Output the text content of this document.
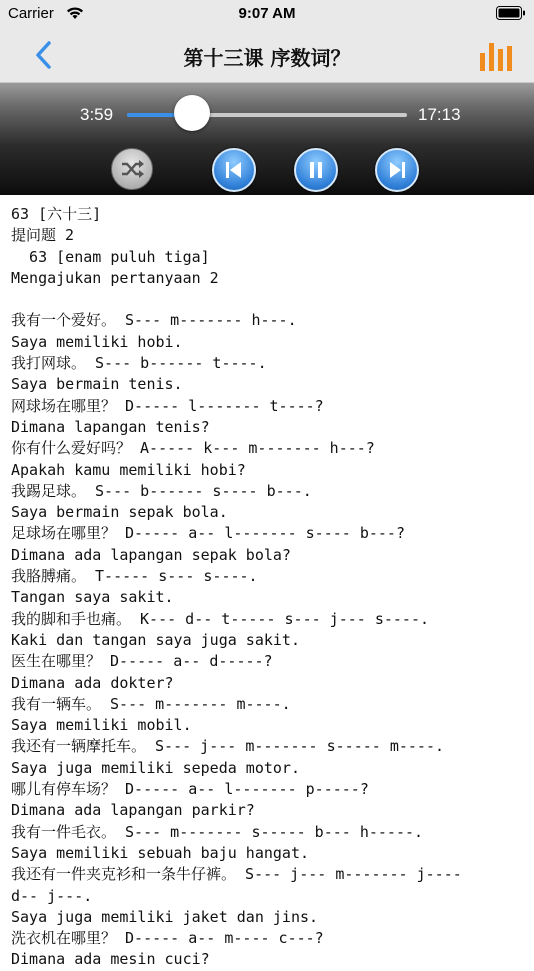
Carrier	9:07 AM
第十三课 序数词？
3:59	17:13
63 [六十三]
提问题 2
63 [enam puluh tiga]
Mengajukan pertanyaan 2
我有一个爱好。 S--- m------- h---.
Saya memiliki hobi.
我打网球。 S--- b------ t----.
Saya bermain tenis.
网球场在哪里？ D----- l------- t----?
Dimana lapangan tenis?
你有什么爱好吗？ A----- k--- m------- h---?
Apakah kamu memiliki hobi?
我踢足球。 S--- b------ s---- b---.
Saya bermain sepak bola.
足球场在哪里？ D----- a-- l------- s---- b---?
Dimana ada lapangan sepak bola?
我胳膊痛。 T----- s--- s----.
Tangan saya sakit.
我的脚和手也痛。 K--- d-- t----- s--- j--- s----.
Kaki dan tangan saya juga sakit.
医生在哪里？ D----- a-- d-----?
Dimana ada dokter?
我有一辆车。 S--- m------- m----.
Saya memiliki mobil.
我还有一辆摩托车。 S--- j--- m------- s----- m----.
Saya juga memiliki sepeda motor.
哪儿有停车场？ D----- a-- l------- p-----?
Dimana ada lapangan parkir?
我有一件毛衣。 S--- m------- s----- b--- h-----.
Saya memiliki sebuah baju hangat.
我还有一件夹克衫和一条牛仔裤。 S--- j--- m------- j----
d-- j---.
Saya juga memiliki jaket dan jins.
洗衣机在哪里？ D----- a-- m---- c---?
Dimana ada mesin cuci?
